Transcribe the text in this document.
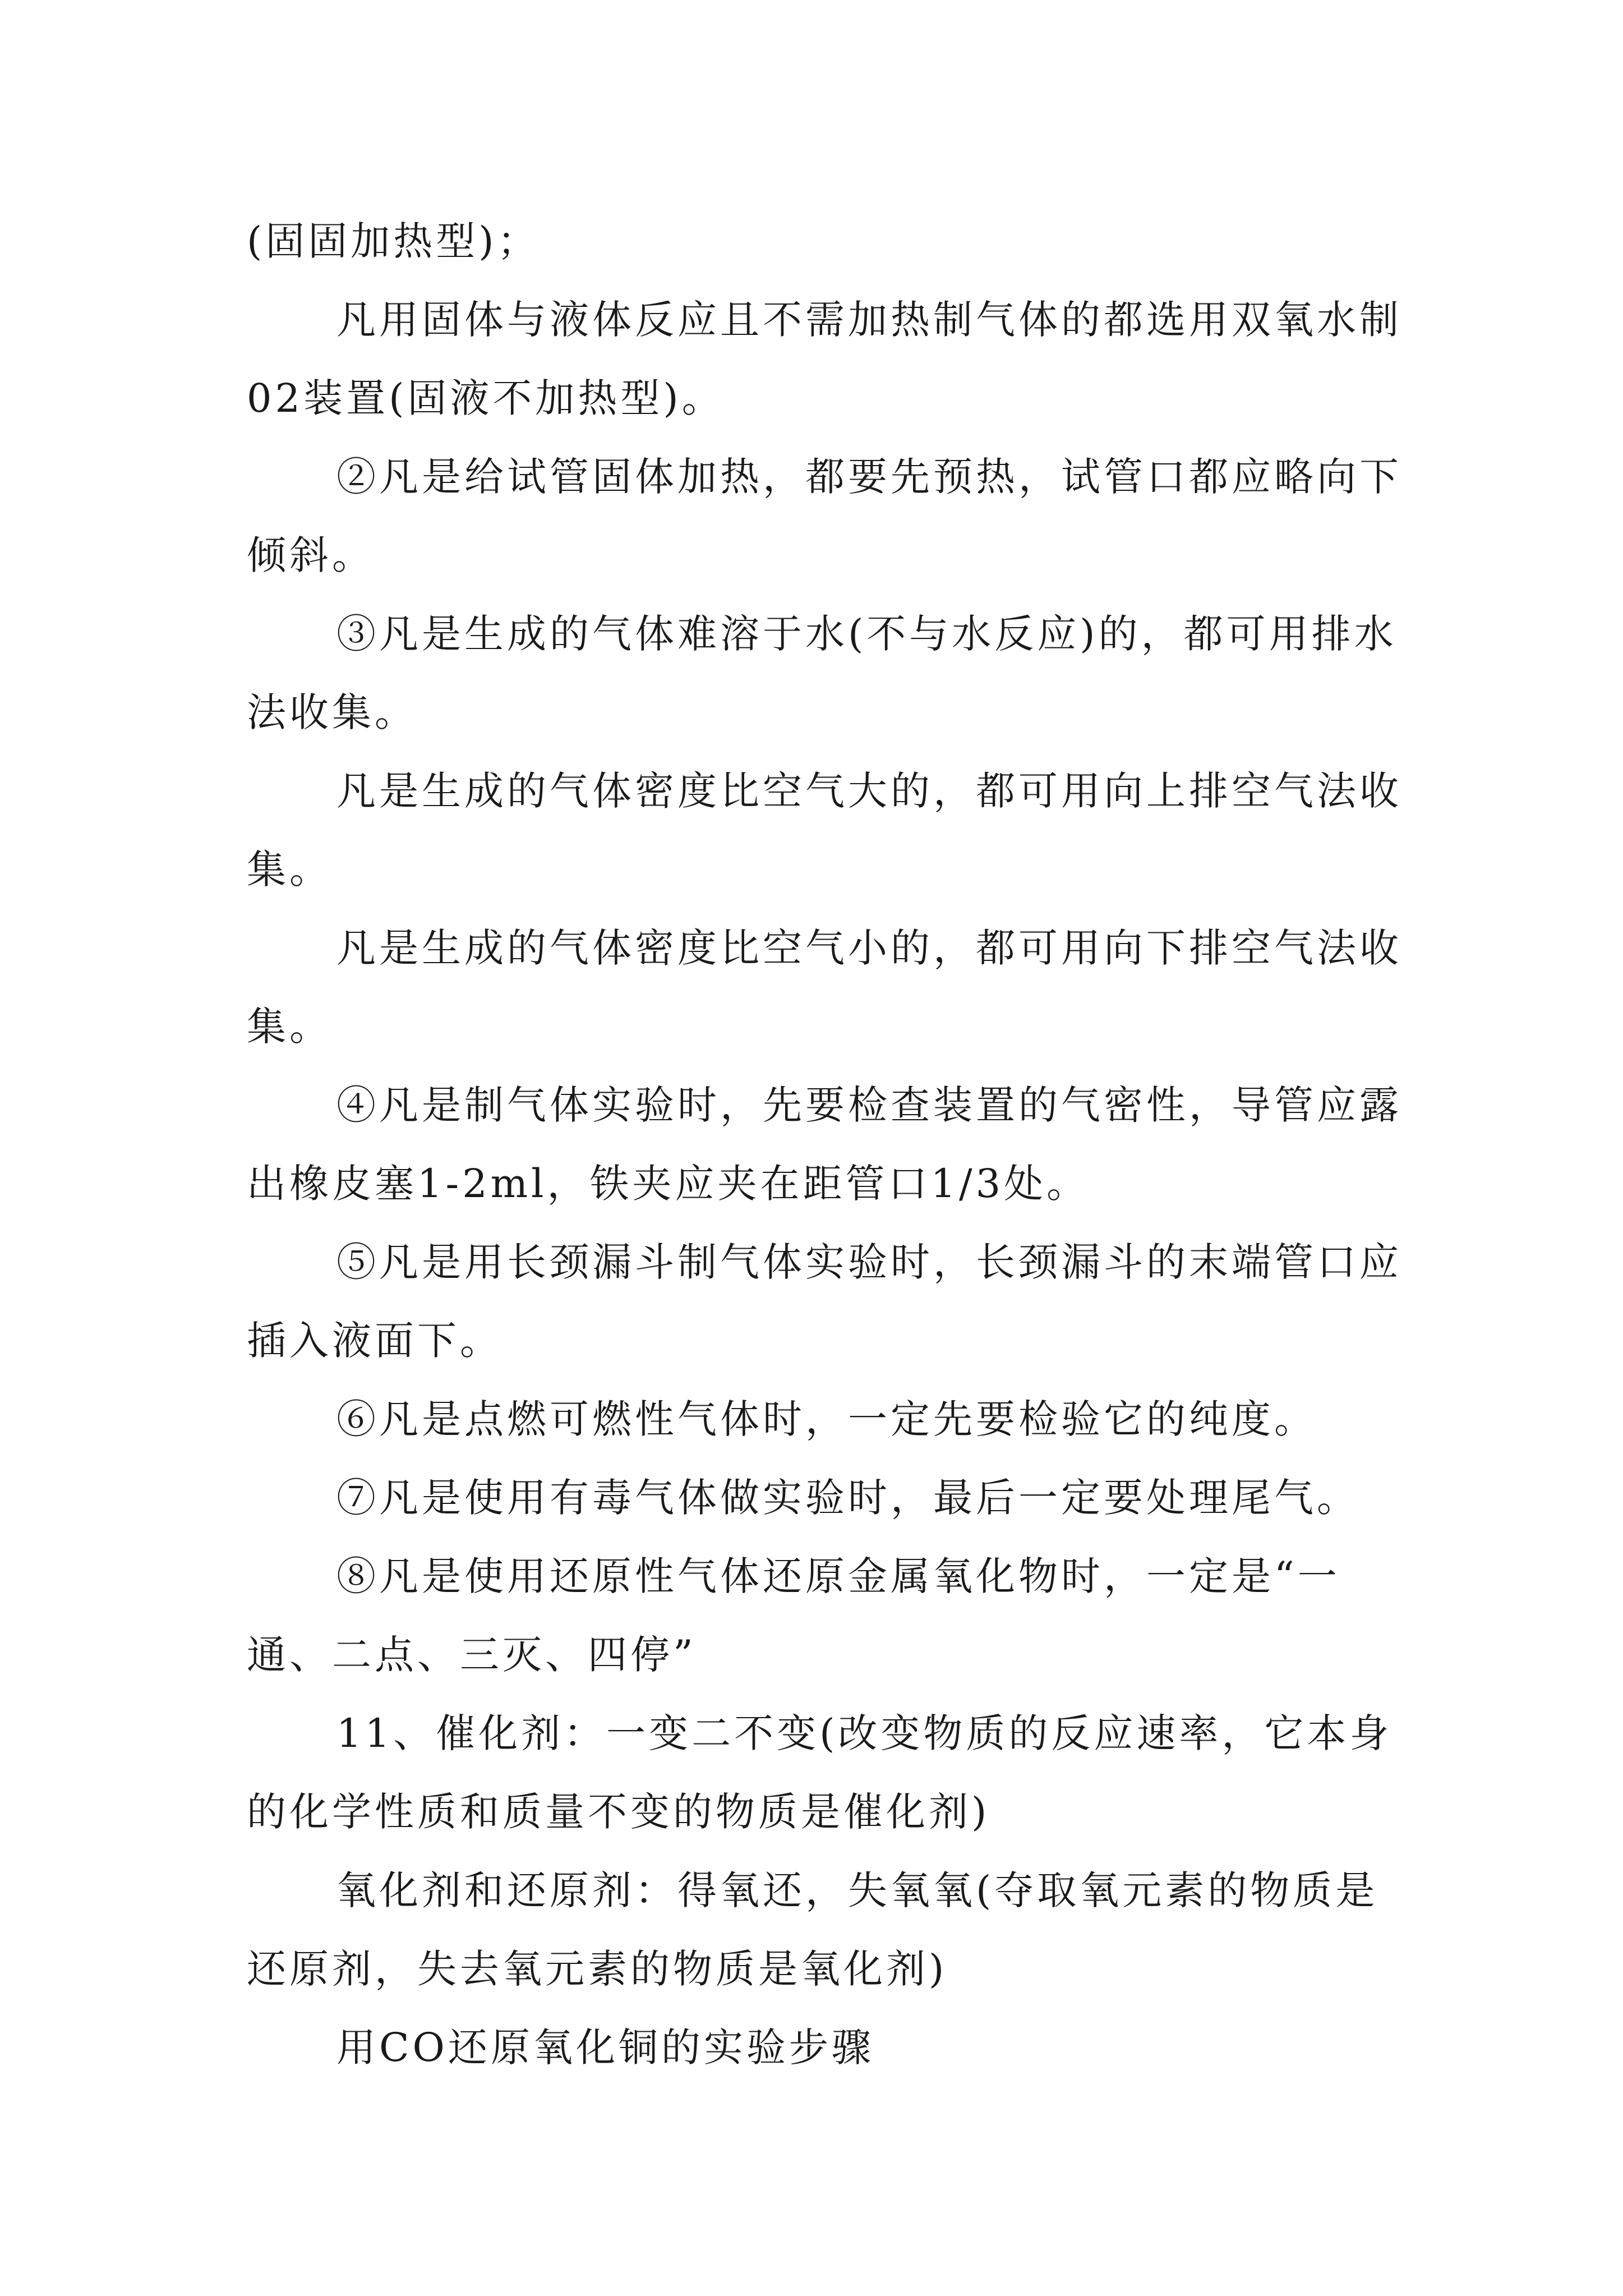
(固固加热型)；

凡用固体与液体反应且不需加热制气体的都选用双氧水制02装置(固液不加热型)。

②凡是给试管固体加热，都要先预热，试管口都应略向下倾斜。

③凡是生成的气体难溶于水(不与水反应)的，都可用排水法收集。

凡是生成的气体密度比空气大的，都可用向上排空气法收集。

凡是生成的气体密度比空气小的，都可用向下排空气法收集。

④凡是制气体实验时，先要检查装置的气密性，导管应露出橡皮塞1-2ml，铁夹应夹在距管口1/3处。

⑤凡是用长颈漏斗制气体实验时，长颈漏斗的末端管口应插入液面下。

⑥凡是点燃可燃性气体时，一定先要检验它的纯度。

⑦凡是使用有毒气体做实验时，最后一定要处理尾气。

⑧凡是使用还原性气体还原金属氧化物时，一定是“一通、二点、三灭、四停”

11、催化剂：一变二不变(改变物质的反应速率，它本身的化学性质和质量不变的物质是催化剂)

氧化剂和还原剂：得氧还，失氧氧(夺取氧元素的物质是还原剂，失去氧元素的物质是氧化剂)

用CO还原氧化铜的实验步骤
